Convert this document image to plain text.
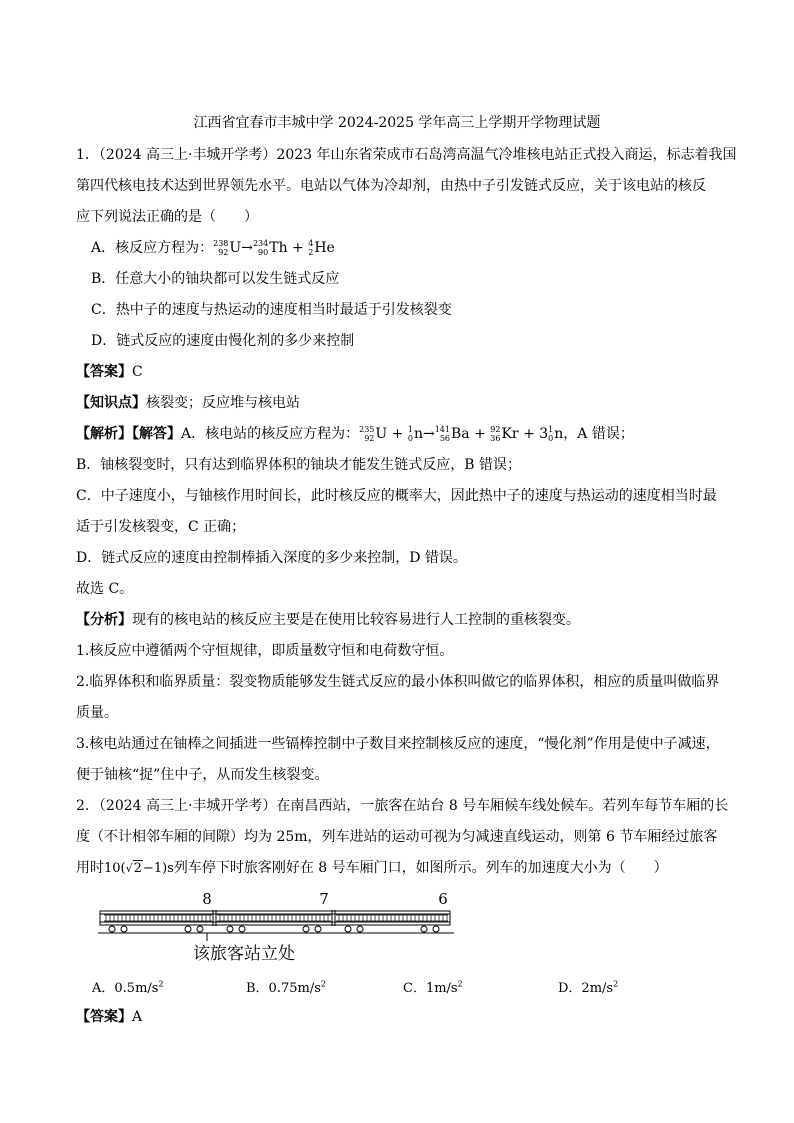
江西省宜春市丰城中学 2024-2025 学年高三上学期开学物理试题
1．（2024 高三上·丰城开学考）2023 年山东省荣成市石岛湾高温气冷堆核电站正式投入商运，标志着我国
第四代核电技术达到世界领先水平。电站以气体为冷却剂，由热中子引发链式反应，关于该电站的核反
应下列说法正确的是（　　）
A．核反应方程为： 238
92 U→ 234
90 Th + 4
2 He
B．任意大小的铀块都可以发生链式反应
C．热中子的速度与热运动的速度相当时最适于引发核裂变
D．链式反应的速度由慢化剂的多少来控制
【答案】C
【知识点】核裂变；反应堆与核电站
【解析】【解答】A．核电站的核反应方程为： 235
92 U + 1
0 n→ 141
56 Ba + 92
36 Kr + 3 1
0 n，A 错误；
B．铀核裂变时，只有达到临界体积的铀块才能发生链式反应，B 错误；
C．中子速度小，与铀核作用时间长，此时核反应的概率大，因此热中子的速度与热运动的速度相当时最
适于引发核裂变，C 正确；
D．链式反应的速度由控制棒插入深度的多少来控制，D 错误。
故选 C。
【分析】现有的核电站的核反应主要是在使用比较容易进行人工控制的重核裂变。
1.核反应中遵循两个守恒规律，即质量数守恒和电荷数守恒。
2.临界体积和临界质量：裂变物质能够发生链式反应的最小体积叫做它的临界体积，相应的质量叫做临界
质量。
3.核电站通过在铀棒之间插进一些镉棒控制中子数目来控制核反应的速度，“慢化剂”作用是使中子减速，
便于铀核“捉”住中子，从而发生核裂变。
2．（2024 高三上·丰城开学考）在南昌西站，一旅客在站台 8 号车厢候车线处候车。若列车每节车厢的长
度（不计相邻车厢的间隙）均为 25m，列车进站的运动可视为匀减速直线运动，则第 6 节车厢经过旅客
用时10(√2−1)s列车停下时旅客刚好在 8 号车厢门口，如图所示。列车的加速度大小为（　　）
8	7	6
该旅客站立处
A．$0.5m/s^2$	B．$0.75m/s^2$	C．$1m/s^2$	D．$2m/s^2$
【答案】A
